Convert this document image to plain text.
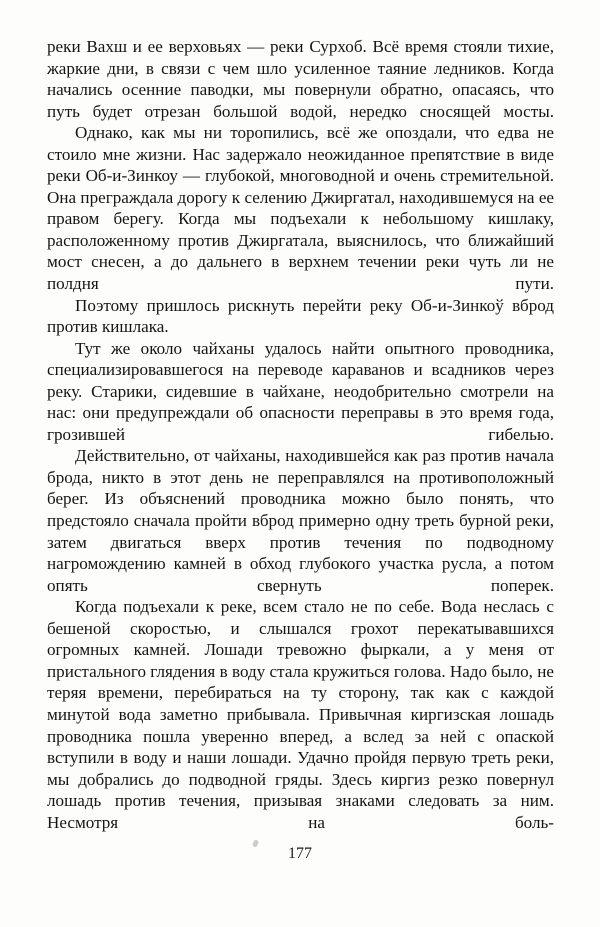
реки Вахш и ее верховьях — реки Сурхоб. Всё время стояли тихие, жаркие дни, в связи с чем шло усиленное таяние ледников. Когда начались осенние паводки, мы повернули обратно, опасаясь, что путь будет отрезан большой водой, нередко сносящей мосты.

Однако, как мы ни торопились, всё же опоздали, что едва не стоило мне жизни. Нас задержало неожиданное препятствие в виде реки Об-и-Зинкоу — глубокой, многоводной и очень стремительной. Она преграждала дорогу к селению Джиргатал, находившемуся на ее правом берегу. Когда мы подъехали к небольшому кишлаку, расположенному против Джиргатала, выяснилось, что ближайший мост снесен, а до дальнего в верхнем течении реки чуть ли не полдня пути.

Поэтому пришлось рискнуть перейти реку Об-и-Зинкоў вброд против кишлака.

Тут же около чайханы удалось найти опытного проводника, специализировавшегося на переводе караванов и всадников через реку. Старики, сидевшие в чайхане, неодобрительно смотрели на нас: они предупреждали об опасности переправы в это время года, грозившей гибелью.

Действительно, от чайханы, находившейся как раз против начала брода, никто в этот день не переправлялся на противоположный берег. Из объяснений проводника можно было понять, что предстояло сначала пройти вброд примерно одну треть бурной реки, затем двигаться вверх против течения по подводному нагромождению камней в обход глубокого участка русла, а потом опять свернуть поперек.

Когда подъехали к реке, всем стало не по себе. Вода неслась с бешеной скоростью, и слышался грохот перекатывавшихся огромных камней. Лошади тревожно фыркали, а у меня от пристального глядения в воду стала кружиться голова. Надо было, не теряя времени, перебираться на ту сторону, так как с каждой минутой вода заметно прибывала. Привычная киргизская лошадь проводника пошла уверенно вперед, а вслед за ней с опаской вступили в воду и наши лошади. Удачно пройдя первую треть реки, мы добрались до подводной гряды. Здесь киргиз резко повернул лошадь против течения, призывая знаками следовать за ним. Несмотря на боль-

177
